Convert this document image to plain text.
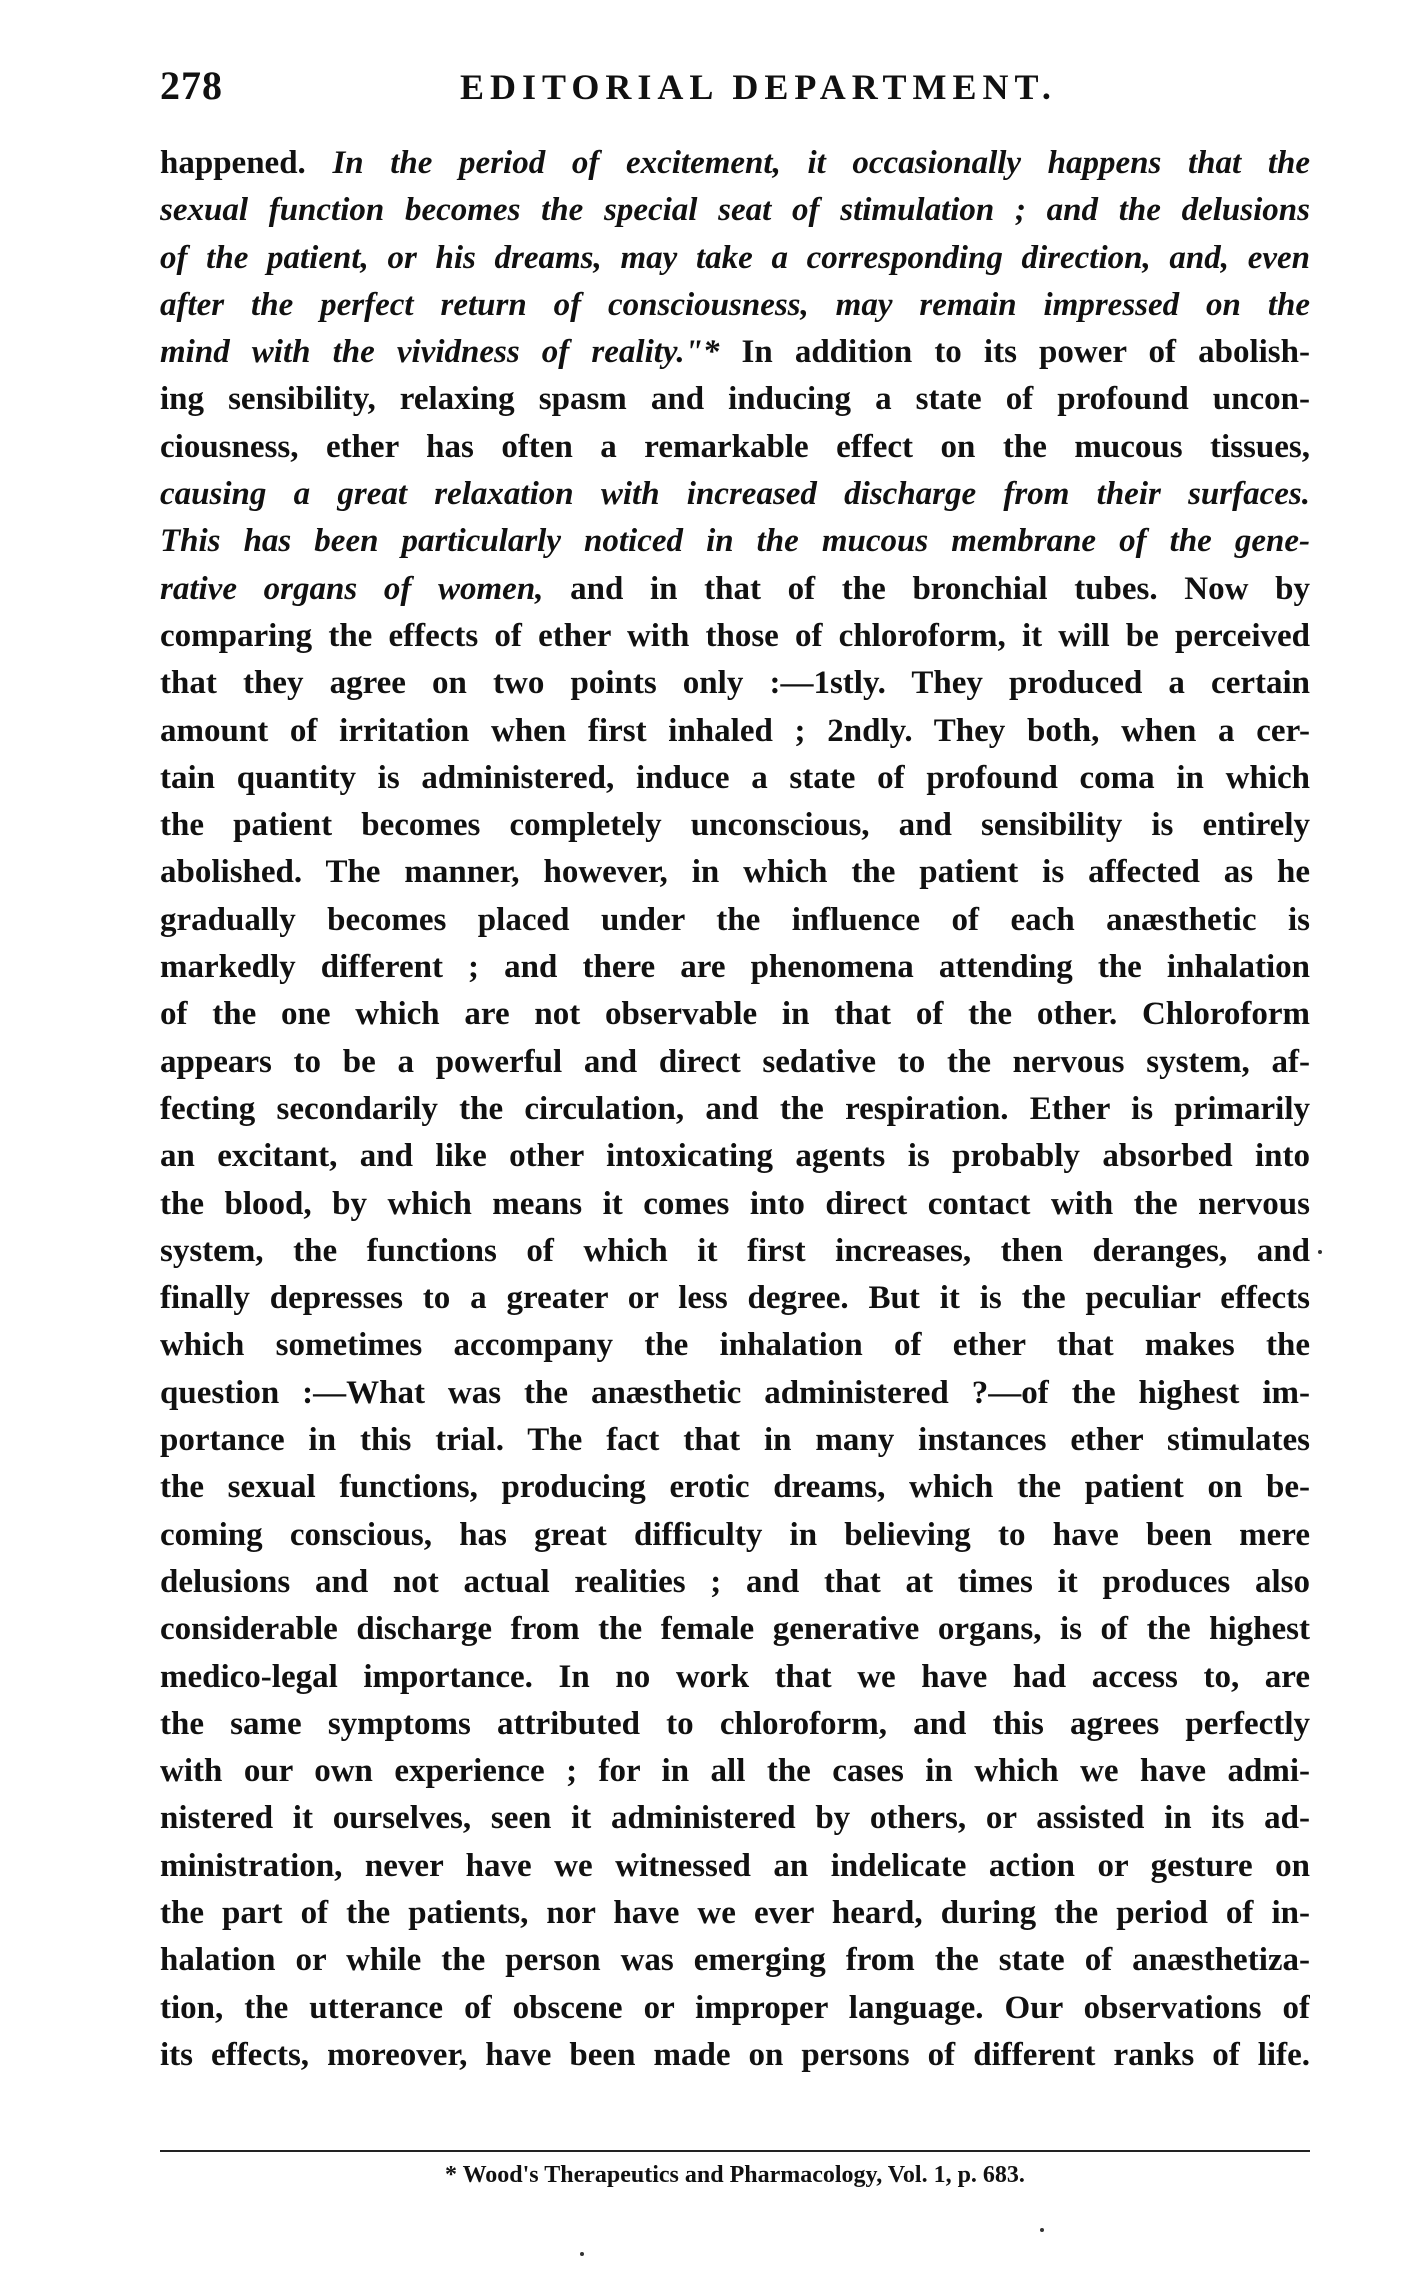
278	EDITORIAL DEPARTMENT.
happened. In the period of excitement, it occasionally happens that the
sexual function becomes the special seat of stimulation ; and the delusions
of the patient, or his dreams, may take a corresponding direction, and, even
after the perfect return of consciousness, may remain impressed on the
mind with the vividness of reality."* In addition to its power of abolish-
ing sensibility, relaxing spasm and inducing a state of profound uncon-
ciousness, ether has often a remarkable effect on the mucous tissues,
causing a great relaxation with increased discharge from their surfaces.
This has been particularly noticed in the mucous membrane of the gene-
rative organs of women, and in that of the bronchial tubes. Now by
comparing the effects of ether with those of chloroform, it will be perceived
that they agree on two points only :—1stly. They produced a certain
amount of irritation when first inhaled ; 2ndly. They both, when a cer-
tain quantity is administered, induce a state of profound coma in which
the patient becomes completely unconscious, and sensibility is entirely
abolished. The manner, however, in which the patient is affected as he
gradually becomes placed under the influence of each anæsthetic is
markedly different ; and there are phenomena attending the inhalation
of the one which are not observable in that of the other. Chloroform
appears to be a powerful and direct sedative to the nervous system, af-
fecting secondarily the circulation, and the respiration. Ether is primarily
an excitant, and like other intoxicating agents is probably absorbed into
the blood, by which means it comes into direct contact with the nervous
system, the functions of which it first increases, then deranges, and
finally depresses to a greater or less degree. But it is the peculiar effects
which sometimes accompany the inhalation of ether that makes the
question :—What was the anæsthetic administered ?—of the highest im-
portance in this trial. The fact that in many instances ether stimulates
the sexual functions, producing erotic dreams, which the patient on be-
coming conscious, has great difficulty in believing to have been mere
delusions and not actual realities ; and that at times it produces also
considerable discharge from the female generative organs, is of the highest
medico-legal importance. In no work that we have had access to, are
the same symptoms attributed to chloroform, and this agrees perfectly
with our own experience ; for in all the cases in which we have admi-
nistered it ourselves, seen it administered by others, or assisted in its ad-
ministration, never have we witnessed an indelicate action or gesture on
the part of the patients, nor have we ever heard, during the period of in-
halation or while the person was emerging from the state of anæsthetiza-
tion, the utterance of obscene or improper language. Our observations of
its effects, moreover, have been made on persons of different ranks of life.
* Wood's Therapeutics and Pharmacology, Vol. 1, p. 683.
